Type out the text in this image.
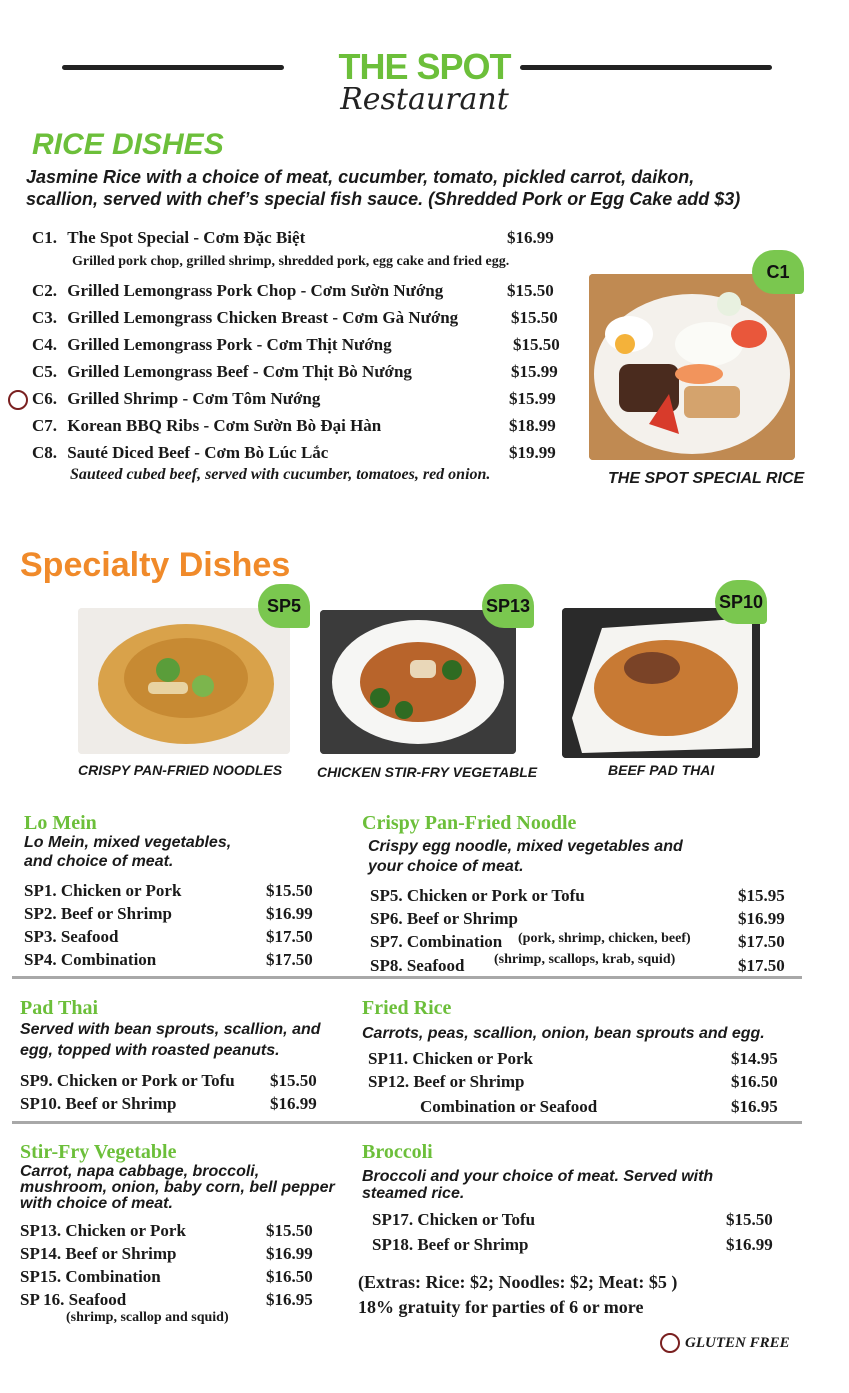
THE SPOT
Restaurant
RICE DISHES
Jasmine Rice with a choice of meat, cucumber, tomato, pickled carrot, daikon,
scallion, served with chef’s special fish sauce. (Shredded Pork or Egg Cake add $3)
C1. The Spot Special - Cơm Đặc Biệt	$16.99
Grilled pork chop, grilled shrimp, shredded pork, egg cake and fried egg.
C2. Grilled Lemongrass Pork Chop - Cơm Sườn Nướng	$15.50
C3. Grilled Lemongrass Chicken Breast - Cơm Gà Nướng	$15.50
C4. Grilled Lemongrass Pork - Cơm Thịt Nướng	$15.50
C5. Grilled Lemongrass Beef - Cơm Thịt Bò Nướng	$15.99
C6. Grilled Shrimp - Cơm Tôm Nướng	$15.99
C7. Korean BBQ Ribs - Cơm Sườn Bò Đại Hàn	$18.99
C8. Sauté Diced Beef - Cơm Bò Lúc Lắc	$19.99
Sauteed cubed beef, served with cucumber, tomatoes, red onion.
C1
THE SPOT SPECIAL RICE
Specialty Dishes
SP5
CRISPY PAN-FRIED NOODLES
SP13
CHICKEN STIR-FRY VEGETABLE
SP10
BEEF PAD THAI
Lo Mein
Lo Mein, mixed vegetables,
and choice of meat.
SP1. Chicken or Pork	$15.50
SP2. Beef or Shrimp	$16.99
SP3. Seafood	$17.50
SP4. Combination	$17.50
Crispy Pan-Fried Noodle
Crispy egg noodle, mixed vegetables and
your choice of meat.
SP5. Chicken or Pork or Tofu	$15.95
SP6. Beef or Shrimp	$16.99
SP7. Combination (pork, shrimp, chicken, beef)	$17.50
SP8. Seafood (shrimp, scallops, krab, squid)	$17.50
Pad Thai
Served with bean sprouts, scallion, and
egg, topped with roasted peanuts.
SP9. Chicken or Pork or Tofu $15.50
SP10. Beef or Shrimp	$16.99
Fried Rice
Carrots, peas, scallion, onion, bean sprouts and egg.
SP11. Chicken or Pork	$14.95
SP12. Beef or Shrimp	$16.50
Combination or Seafood	$16.95
Stir-Fry Vegetable
Carrot, napa cabbage, broccoli,
mushroom, onion, baby corn, bell pepper
with choice of meat.
SP13. Chicken or Pork	$15.50
SP14. Beef or Shrimp	$16.99
SP15. Combination	$16.50
SP 16. Seafood	$16.95
(shrimp, scallop and squid)
Broccoli
Broccoli and your choice of meat. Served with
steamed rice.
SP17. Chicken or Tofu	$15.50
SP18. Beef or Shrimp	$16.99
(Extras: Rice: $2; Noodles: $2; Meat: $5 )
18% gratuity for parties of 6 or more
GLUTEN FREE
